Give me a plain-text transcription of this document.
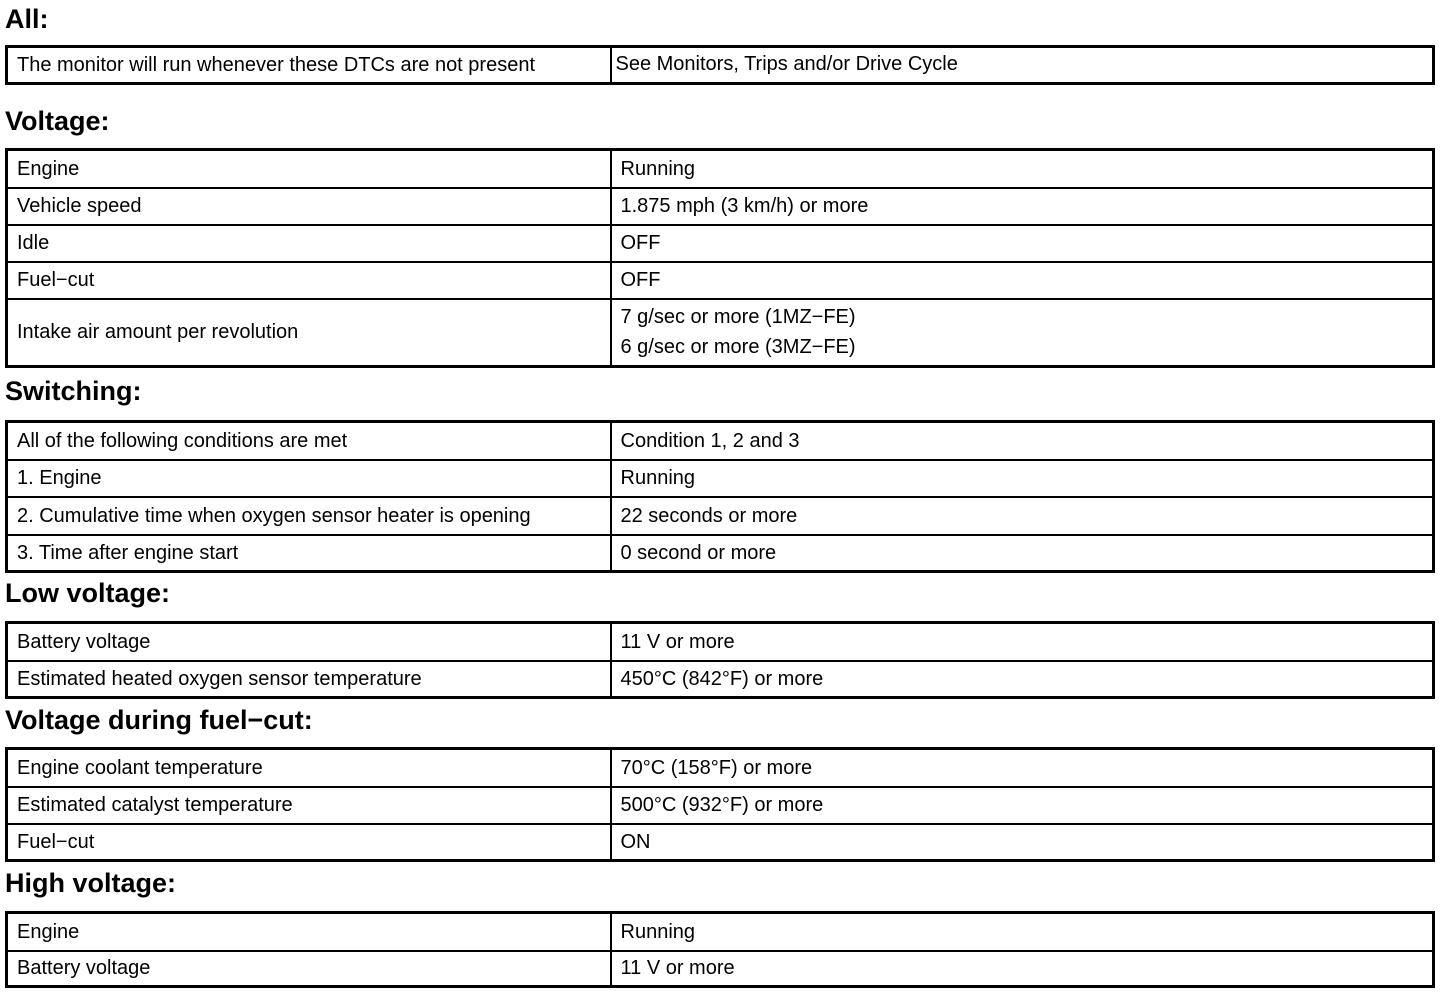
All:
The monitor will run whenever these DTCs are not present	See Monitors, Trips and/or Drive Cycle
Voltage:
Engine	Running
Vehicle speed	1.875 mph (3 km/h) or more
Idle	OFF
Fuel−cut	OFF
Intake air amount per revolution	7 g/sec or more (1MZ−FE)
6 g/sec or more (3MZ−FE)
Switching:
All of the following conditions are met	Condition 1, 2 and 3
1. Engine	Running
2. Cumulative time when oxygen sensor heater is opening	22 seconds or more
3. Time after engine start	0 second or more
Low voltage:
Battery voltage	11 V or more
Estimated heated oxygen sensor temperature	450°C (842°F) or more
Voltage during fuel−cut:
Engine coolant temperature	70°C (158°F) or more
Estimated catalyst temperature	500°C (932°F) or more
Fuel−cut	ON
High voltage:
Engine	Running
Battery voltage	11 V or more
